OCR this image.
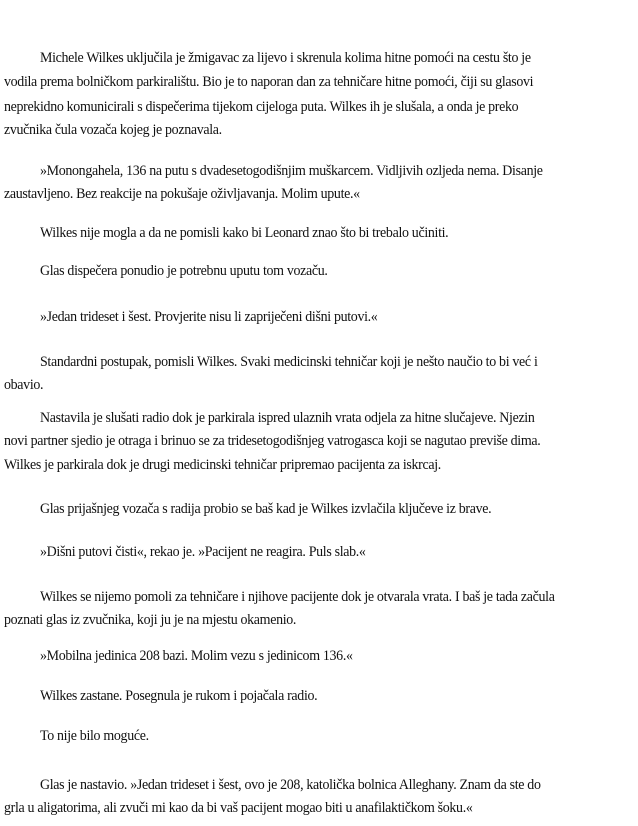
Michele Wilkes uključila je žmigavac za lijevo i skrenula kolima hitne pomoći na cestu što je
vodila prema bolničkom parkiralištu. Bio je to naporan dan za tehničare hitne pomoći, čiji su glasovi
neprekidno komunicirali s dispečerima tijekom cijeloga puta. Wilkes ih je slušala, a onda je preko
zvučnika čula vozača kojeg je poznavala.
»Monongahela, 136 na putu s dvadesetogodišnjim muškarcem. Vidljivih ozljeda nema. Disanje
zaustavljeno. Bez reakcije na pokušaje oživljavanja. Molim upute.«
Wilkes nije mogla a da ne pomisli kako bi Leonard znao što bi trebalo učiniti.
Glas dispečera ponudio je potrebnu uputu tom vozaču.
»Jedan trideset i šest. Provjerite nisu li zapriječeni dišni putovi.«
Standardni postupak, pomisli Wilkes. Svaki medicinski tehničar koji je nešto naučio to bi već i
obavio.
Nastavila je slušati radio dok je parkirala ispred ulaznih vrata odjela za hitne slučajeve. Njezin
novi partner sjedio je otraga i brinuo se za tridesetogodišnjeg vatrogasca koji se nagutao previše dima.
Wilkes je parkirala dok je drugi medicinski tehničar pripremao pacijenta za iskrcaj.
Glas prijašnjeg vozača s radija probio se baš kad je Wilkes izvlačila ključeve iz brave.
»Dišni putovi čisti«, rekao je. »Pacijent ne reagira. Puls slab.«
Wilkes se nijemo pomoli za tehničare i njihove pacijente dok je otvarala vrata. I baš je tada začula
poznati glas iz zvučnika, koji ju je na mjestu okamenio.
»Mobilna jedinica 208 bazi. Molim vezu s jedinicom 136.«
Wilkes zastane. Posegnula je rukom i pojačala radio.
To nije bilo moguće.
Glas je nastavio. »Jedan trideset i šest, ovo je 208, katolička bolnica Alleghany. Znam da ste do
grla u aligatorima, ali zvuči mi kao da bi vaš pacijent mogao biti u anafilaktičkom šoku.«
